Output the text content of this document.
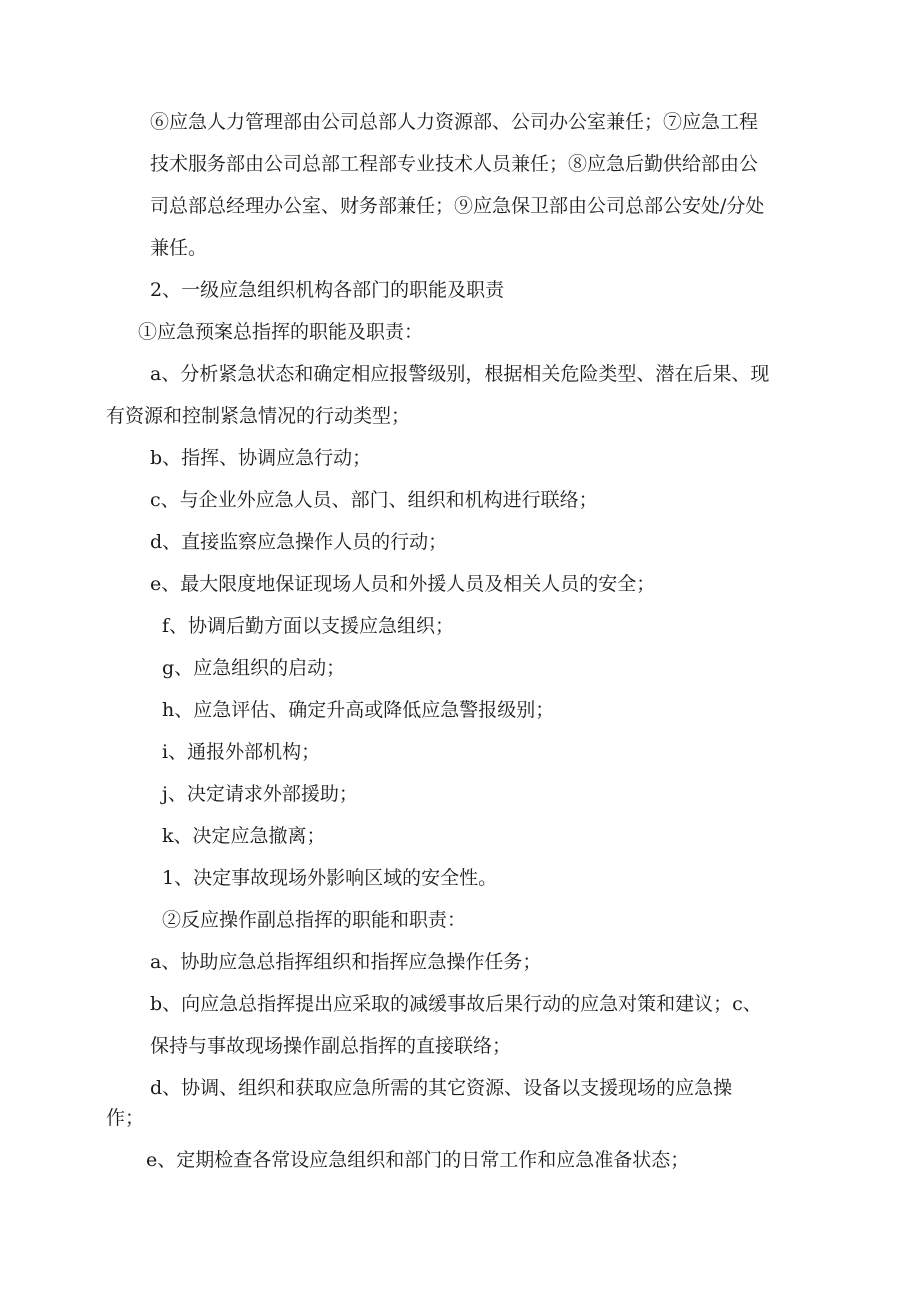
⑥应急人力管理部由公司总部人力资源部、公司办公室兼任；⑦应急工程
技术服务部由公司总部工程部专业技术人员兼任；⑧应急后勤供给部由公
司总部总经理办公室、财务部兼任；⑨应急保卫部由公司总部公安处/分处
兼任。
2、一级应急组织机构各部门的职能及职责
①应急预案总指挥的职能及职责：
a、分析紧急状态和确定相应报警级别，根据相关危险类型、潜在后果、现
有资源和控制紧急情况的行动类型；
b、指挥、协调应急行动；
c、与企业外应急人员、部门、组织和机构进行联络；
d、直接监察应急操作人员的行动；
e、最大限度地保证现场人员和外援人员及相关人员的安全；
f、协调后勤方面以支援应急组织；
g、应急组织的启动；
h、应急评估、确定升高或降低应急警报级别；
i、通报外部机构；
j、决定请求外部援助；
k、决定应急撤离；
1、决定事故现场外影响区域的安全性。
②反应操作副总指挥的职能和职责：
a、协助应急总指挥组织和指挥应急操作任务；
b、向应急总指挥提出应采取的减缓事故后果行动的应急对策和建议；c、
保持与事故现场操作副总指挥的直接联络；
d、协调、组织和获取应急所需的其它资源、设备以支援现场的应急操
作；
e、定期检查各常设应急组织和部门的日常工作和应急准备状态；
